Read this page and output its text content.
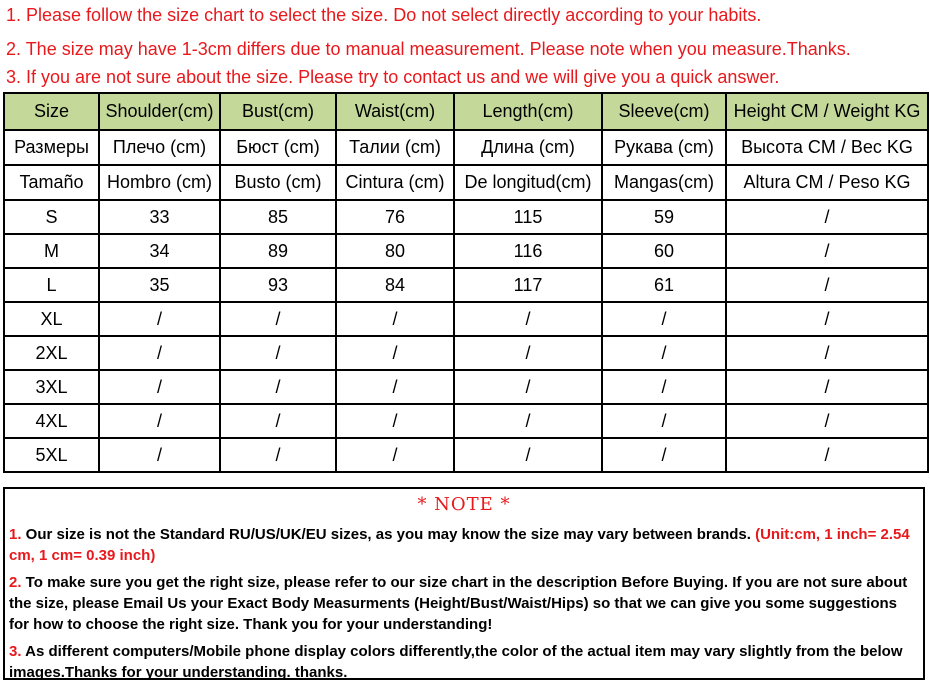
1. Please follow the size chart to select the size. Do not select directly according to your habits.
2. The size may have 1-3cm differs due to manual measurement. Please note when you measure.Thanks.
3. If you are not sure about the size. Please try to contact us and we will give you a quick answer.
Size	Shoulder(cm)	Bust(cm)	Waist(cm)	Length(cm)	Sleeve(cm)	Height CM / Weight KG
Размеры	Плечо (cm)	Бюст (cm)	Талии (cm)	Длина (cm)	Рукава (cm)	Высота CM / Вес KG
Tamaño	Hombro (cm)	Busto (cm)	Cintura (cm)	De longitud(cm)	Mangas(cm)	Altura CM / Peso KG
S	33	85	76	115	59	/
M	34	89	80	116	60	/
L	35	93	84	117	61	/
XL	/	/	/	/	/	/
2XL	/	/	/	/	/	/
3XL	/	/	/	/	/	/
4XL	/	/	/	/	/	/
5XL	/	/	/	/	/	/
* NOTE *
1. Our size is not the Standard RU/US/UK/EU sizes, as you may know the size may vary between brands. (Unit:cm, 1 inch= 2.54 cm, 1 cm= 0.39 inch)
2. To make sure you get the right size, please refer to our size chart in the description Before Buying. If you are not sure about the size, please Email Us your Exact Body Measurments (Height/Bust/Waist/Hips) so that we can give you some suggestions for how to choose the right size. Thank you for your understanding!
3. As different computers/Mobile phone display colors differently,the color of the actual item may vary slightly from the below images.Thanks for your understanding. thanks.
